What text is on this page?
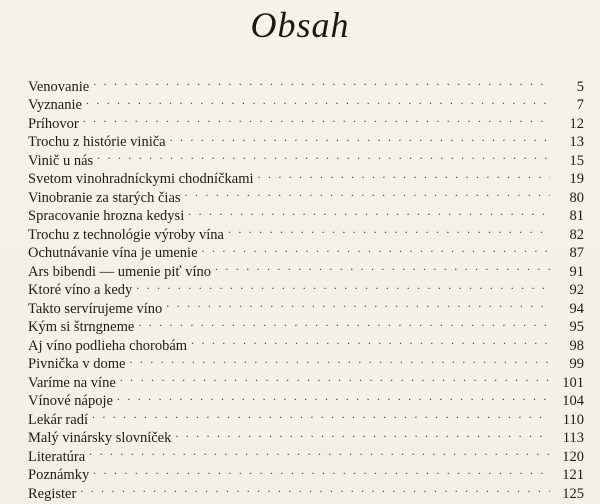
Obsah
Venovanie . . .	5
Vyznanie . . .	7
Príhovor . . .	12
Trochu z histórie viniča . . .	13
Vinič u nás . . .	15
Svetom vinohradníckymi chodníčkami . . .	19
Vinobranie za starých čias . . .	80
Spracovanie hrozna kedysi . . .	81
Trochu z technológie výroby vína . . .	82
Ochutnávanie vína je umenie . . .	87
Ars bibendi — umenie piť víno . . .	91
Ktoré víno a kedy . . .	92
Takto servírujeme víno . . .	94
Kým si štrngneme . . .	95
Aj víno podlieha chorobám . . .	98
Pivnička v dome . . .	99
Varíme na víne . . .	101
Vínové nápoje . . .	104
Lekár radí . . .	110
Malý vinársky slovníček . . .	113
Literatúra . . .	120
Poznámky . . .	121
Register . . .	125
